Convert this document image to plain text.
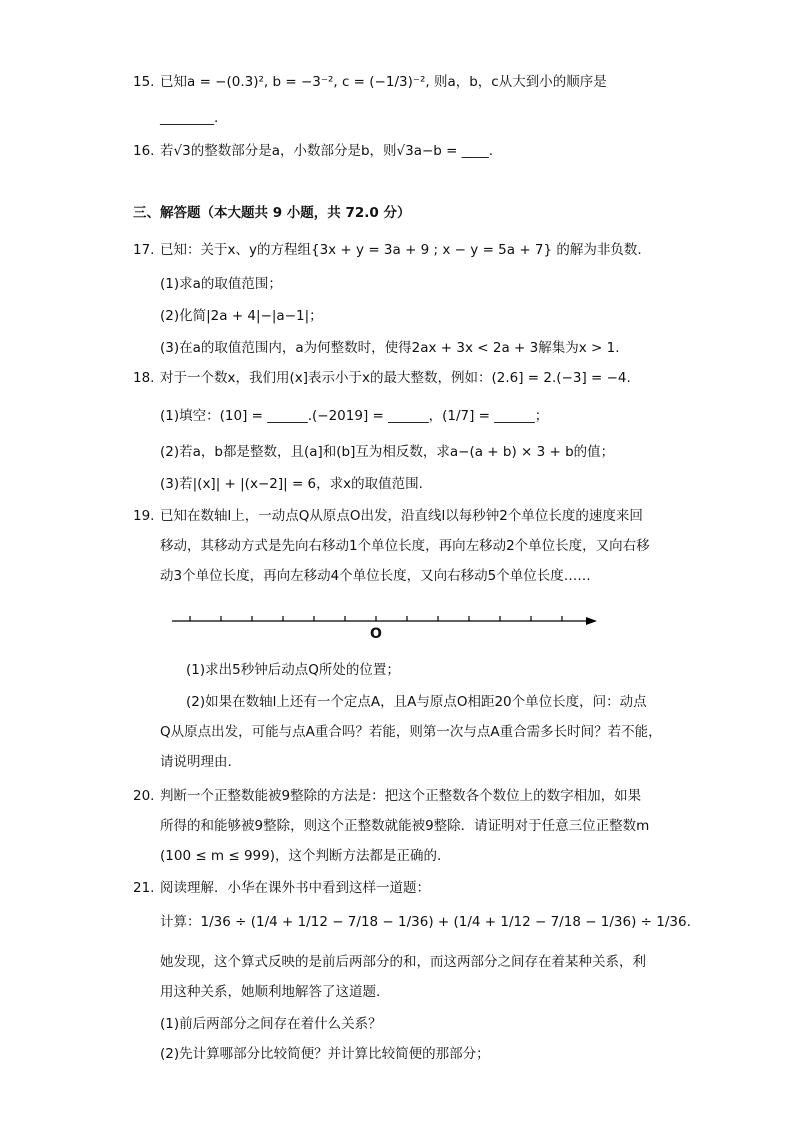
15. 已知a = −(0.3)², b = −3⁻², c = (−1/3)⁻², 则a，b，c从大到小的顺序是
________.
16. 若√3的整数部分是a，小数部分是b，则√3a−b = ____.
三、解答题（本大题共 9 小题，共 72.0 分）
17. 已知：关于x、y的方程组{3x + y = 3a + 9 ; x − y = 5a + 7} 的解为非负数.
(1)求a的取值范围；
(2)化简|2a + 4|−|a−1|；
(3)在a的取值范围内，a为何整数时，使得2ax + 3x < 2a + 3解集为x > 1.
18. 对于一个数x，我们用(x]表示小于x的最大整数，例如：(2.6] = 2.(−3] = −4.
(1)填空：(10] = ______.(−2019] = ______，(1/7] = ______；
(2)若a，b都是整数，且(a]和(b]互为相反数，求a−(a + b) × 3 + b的值；
(3)若|(x]| + |(x−2]| = 6，求x的取值范围.
19. 已知在数轴l上，一动点Q从原点O出发，沿直线l以每秒钟2个单位长度的速度来回
移动，其移动方式是先向右移动1个单位长度，再向左移动2个单位长度，又向右移
动3个单位长度，再向左移动4个单位长度，又向右移动5个单位长度……
O
(1)求出5秒钟后动点Q所处的位置；
(2)如果在数轴l上还有一个定点A，且A与原点O相距20个单位长度，问：动点
Q从原点出发，可能与点A重合吗？若能，则第一次与点A重合需多长时间？若不能，
请说明理由.
20. 判断一个正整数能被9整除的方法是：把这个正整数各个数位上的数字相加，如果
所得的和能够被9整除，则这个正整数就能被9整除．请证明对于任意三位正整数m
(100 ≤ m ≤ 999)，这个判断方法都是正确的.
21. 阅读理解．小华在课外书中看到这样一道题：
计算：1/36 ÷ (1/4 + 1/12 − 7/18 − 1/36) + (1/4 + 1/12 − 7/18 − 1/36) ÷ 1/36.
她发现，这个算式反映的是前后两部分的和，而这两部分之间存在着某种关系，利
用这种关系，她顺利地解答了这道题.
(1)前后两部分之间存在着什么关系？
(2)先计算哪部分比较简便？并计算比较简便的那部分；
